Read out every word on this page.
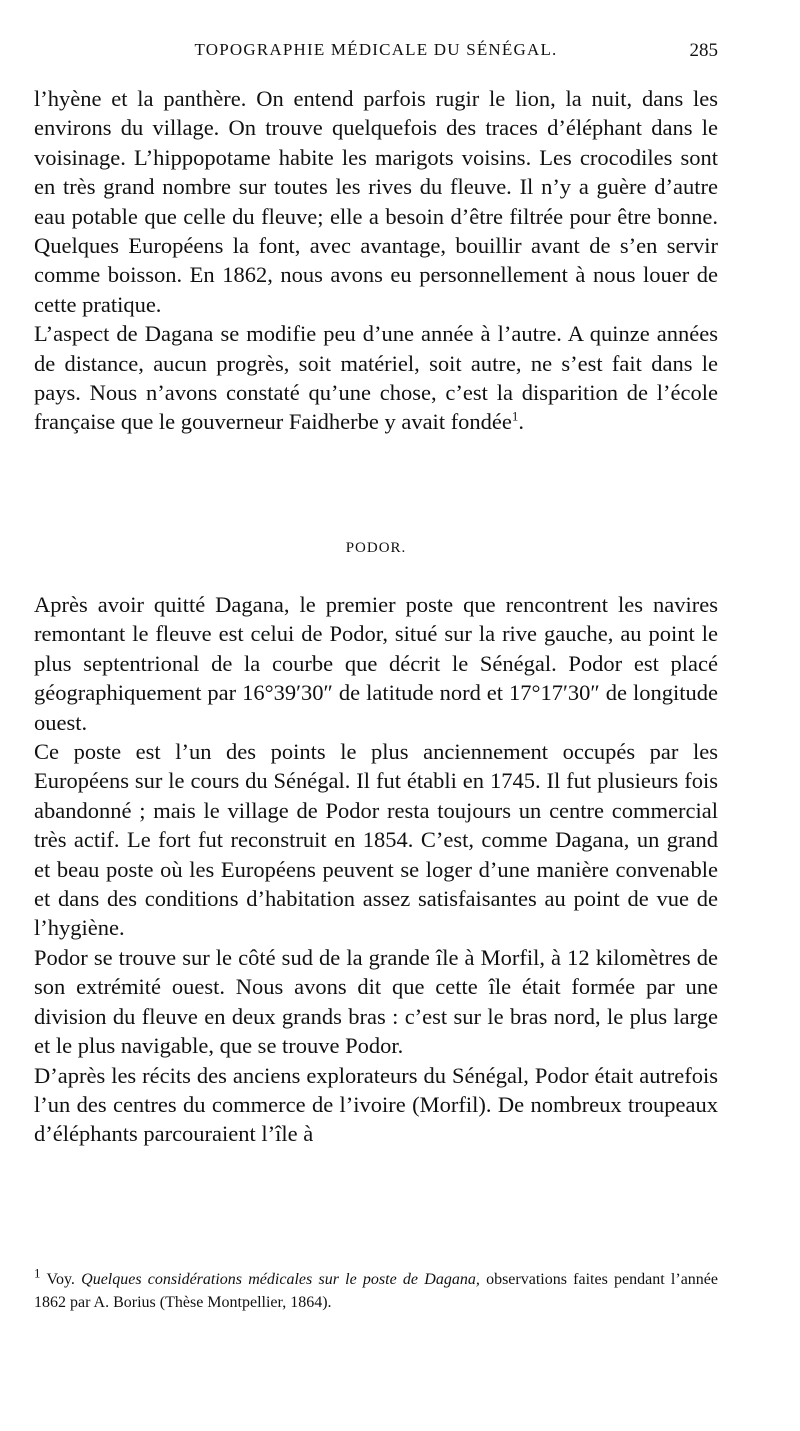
TOPOGRAPHIE MÉDICALE DU SÉNÉGAL.	285

l’hyène et la panthère. On entend parfois rugir le lion, la nuit, dans les environs du village. On trouve quelquefois des traces d’éléphant dans le voisinage. L’hippopotame habite les marigots voisins. Les crocodiles sont en très grand nombre sur toutes les rives du fleuve. Il n’y a guère d’autre eau potable que celle du fleuve; elle a besoin d’être filtrée pour être bonne. Quelques Européens la font, avec avantage, bouillir avant de s’en servir comme boisson. En 1862, nous avons eu personnellement à nous louer de cette pratique.

L’aspect de Dagana se modifie peu d’une année à l’autre. A quinze années de distance, aucun progrès, soit matériel, soit autre, ne s’est fait dans le pays. Nous n’avons constaté qu’une chose, c’est la disparition de l’école française que le gouverneur Faidherbe y avait fondée$^1$.

PODOR.

Après avoir quitté Dagana, le premier poste que rencontrent les navires remontant le fleuve est celui de Podor, situé sur la rive gauche, au point le plus septentrional de la courbe que décrit le Sénégal. Podor est placé géographiquement par 16°39′30″ de latitude nord et 17°17′30″ de longitude ouest.

Ce poste est l’un des points le plus anciennement occupés par les Européens sur le cours du Sénégal. Il fut établi en 1745. Il fut plusieurs fois abandonné ; mais le village de Podor resta toujours un centre commercial très actif. Le fort fut reconstruit en 1854. C’est, comme Dagana, un grand et beau poste où les Européens peuvent se loger d’une manière convenable et dans des conditions d’habitation assez satisfaisantes au point de vue de l’hygiène.

Podor se trouve sur le côté sud de la grande île à Morfil, à 12 kilomètres de son extrémité ouest. Nous avons dit que cette île était formée par une division du fleuve en deux grands bras : c’est sur le bras nord, le plus large et le plus navigable, que se trouve Podor.

D’après les récits des anciens explorateurs du Sénégal, Podor était autrefois l’un des centres du commerce de l’ivoire (Morfil). De nombreux troupeaux d’éléphants parcouraient l’île à

$^1$ Voy. Quelques considérations médicales sur le poste de Dagana, observations faites pendant l’année 1862 par A. Borius (Thèse Montpellier, 1864).
